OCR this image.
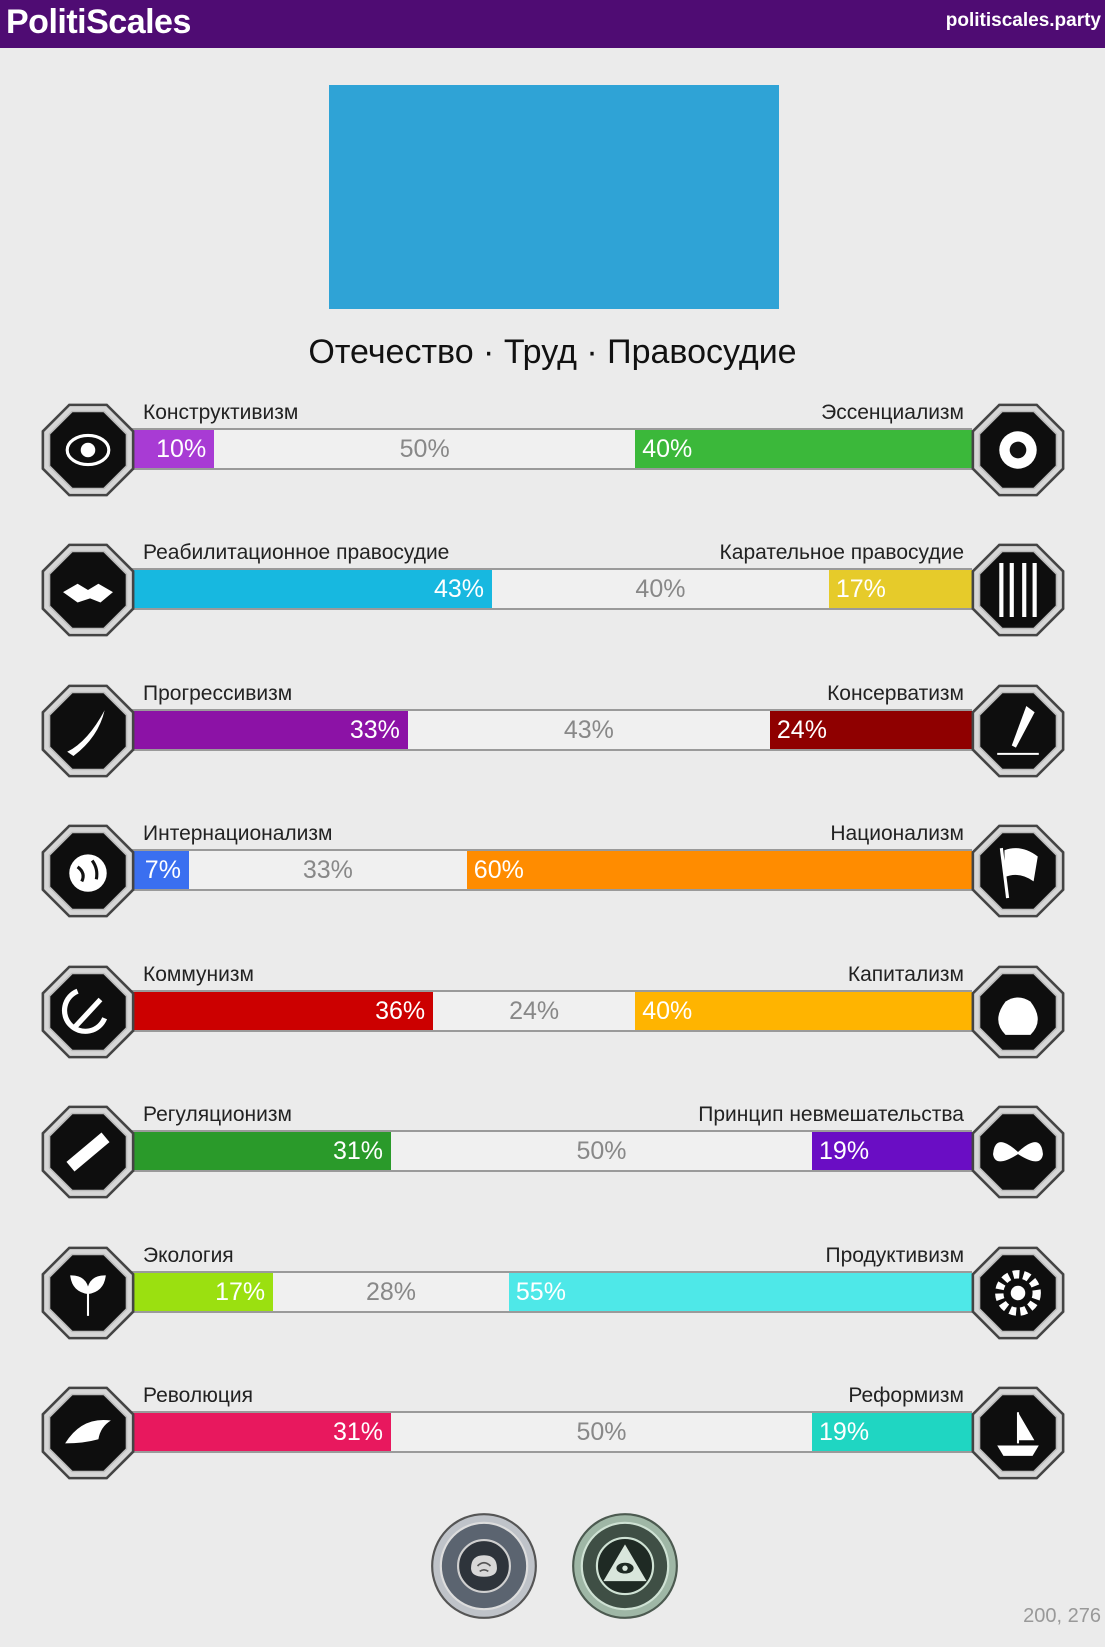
PolitiScales	politiscales.party
Отечество · Труд · Правосудие
Конструктивизм	Эссенциализм
10%	50%	40%
Реабилитационное правосудие	Карательное правосудие
43%	40%	17%
Прогрессивизм	Консерватизм
33%	43%	24%
Интернационализм	Национализм
7%	33%	60%
Коммунизм	Капитализм
36%	24%	40%
Регуляционизм	Принцип невмешательства
31%	50%	19%
Экология	Продуктивизм
17%	28%	55%
Революция	Реформизм
31%	50%	19%
200, 276
